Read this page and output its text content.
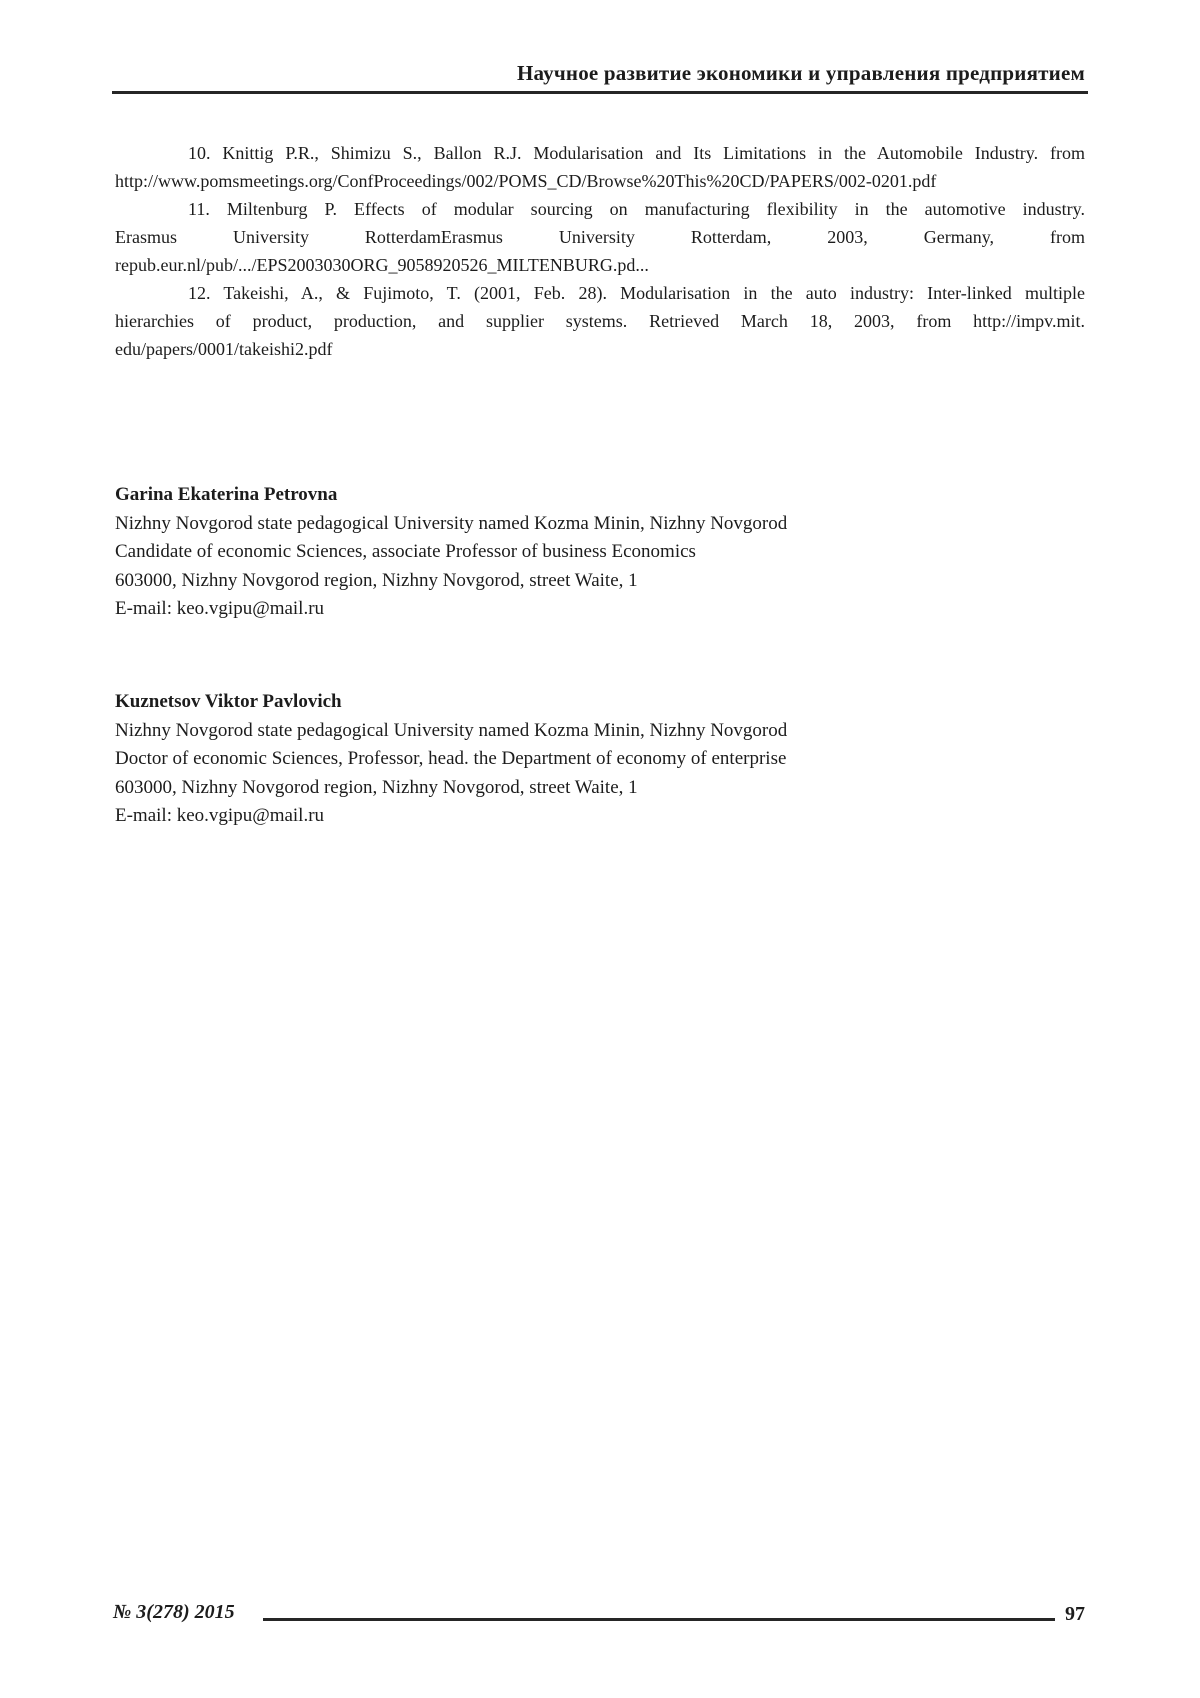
Научное развитие экономики и управления предприятием
10. Knittig P.R., Shimizu S., Ballon R.J. Modularisation and Its Limitations in the Automobile Industry. from
http://www.pomsmeetings.org/ConfProceedings/002/POMS_CD/Browse%20This%20CD/PAPERS/002-0201.pdf
11. Miltenburg P. Effects of modular sourcing on manufacturing flexibility in the automotive industry.
Erasmus University RotterdamErasmus University Rotterdam, 2003, Germany, from
repub.eur.nl/pub/.../EPS2003030ORG_9058920526_MILTENBURG.pd...
12. Takeishi, A., & Fujimoto, T. (2001, Feb. 28). Modularisation in the auto industry: Inter-linked multiple
hierarchies of product, production, and supplier systems. Retrieved March 18, 2003, from http://impv.mit.
edu/papers/0001/takeishi2.pdf
Garina Ekaterina Petrovna
Nizhny Novgorod state pedagogical University named Kozma Minin, Nizhny Novgorod
Candidate of economic Sciences, associate Professor of business Economics
603000, Nizhny Novgorod region, Nizhny Novgorod, street Waite, 1
E-mail: keo.vgipu@mail.ru
Kuznetsov Viktor Pavlovich
Nizhny Novgorod state pedagogical University named Kozma Minin, Nizhny Novgorod
Doctor of economic Sciences, Professor, head. the Department of economy of enterprise
603000, Nizhny Novgorod region, Nizhny Novgorod, street Waite, 1
E-mail: keo.vgipu@mail.ru
№ 3(278) 2015	97
